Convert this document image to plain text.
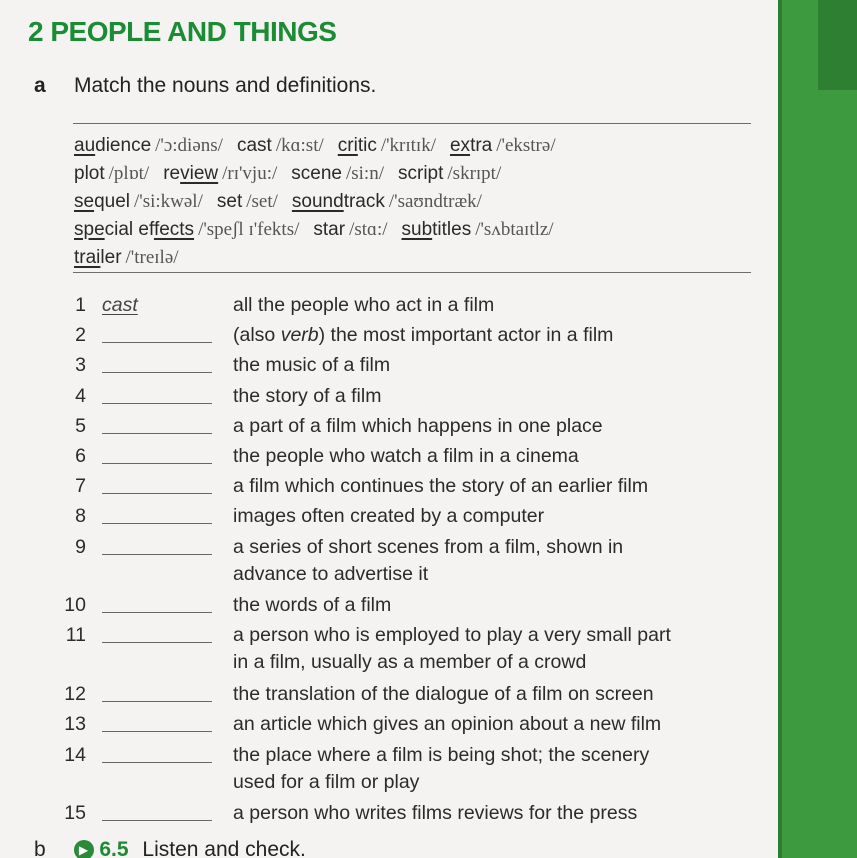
2 PEOPLE AND THINGS
a Match the nouns and definitions.
audience /'ɔ:diəns/ cast /kɑ:st/ critic /'krɪtɪk/ extra /'ekstrə/
plot /plɒt/ review /rɪ'vju:/ scene /si:n/ script /skrɪpt/
sequel /'si:kwəl/ set /set/ soundtrack /'saʊndtræk/
special effects /'speʃl ɪ'fekts/ star /stɑ:/ subtitles /'sʌbtaɪtlz/
trailer /'treɪlə/
1 cast	all the people who act in a film
2	(also verb) the most important actor in a film
3	the music of a film
4	the story of a film
5	a part of a film which happens in one place
6	the people who watch a film in a cinema
7	a film which continues the story of an earlier film
8	images often created by a computer
9	a series of short scenes from a film, shown in
advance to advertise it
10	the words of a film
11	a person who is employed to play a very small part
in a film, usually as a member of a crowd
12	the translation of the dialogue of a film on screen
13	an article which gives an opinion about a new film
14	the place where a film is being shot; the scenery
used for a film or play
15	a person who writes films reviews for the press
b	▶ 6.5 Listen and check.
